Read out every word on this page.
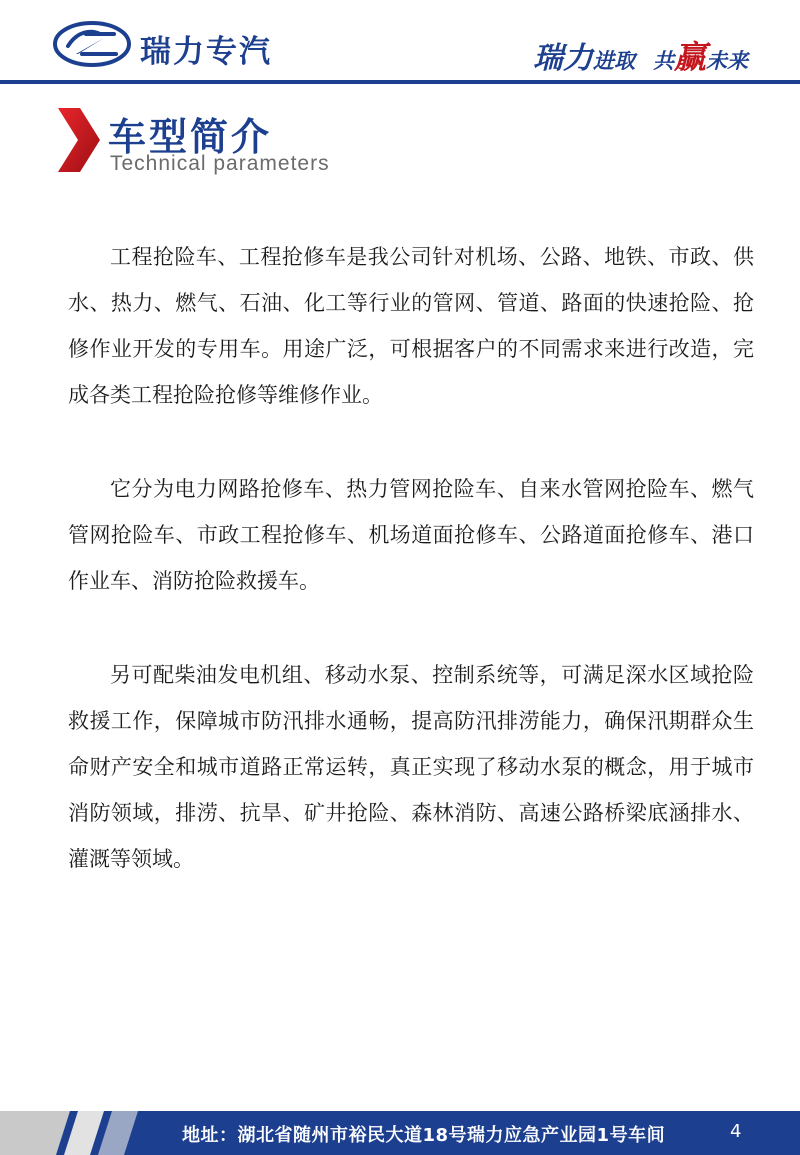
瑞力专汽	瑞力进取 共赢未来
车型简介
Technical parameters

工程抢险车、工程抢修车是我公司针对机场、公路、地铁、市政、供水、热力、燃气、石油、化工等行业的管网、管道、路面的快速抢险、抢修作业开发的专用车。用途广泛，可根据客户的不同需求来进行改造，完成各类工程抢险抢修等维修作业。

它分为电力网路抢修车、热力管网抢险车、自来水管网抢险车、燃气管网抢险车、市政工程抢修车、机场道面抢修车、公路道面抢修车、港口作业车、消防抢险救援车。

另可配柴油发电机组、移动水泵、控制系统等，可满足深水区域抢险救援工作，保障城市防汛排水通畅，提高防汛排涝能力，确保汛期群众生命财产安全和城市道路正常运转，真正实现了移动水泵的概念，用于城市消防领域，排涝、抗旱、矿井抢险、森林消防、高速公路桥梁底涵排水、灌溉等领域。

地址：湖北省随州市裕民大道18号瑞力应急产业园1号车间	4
